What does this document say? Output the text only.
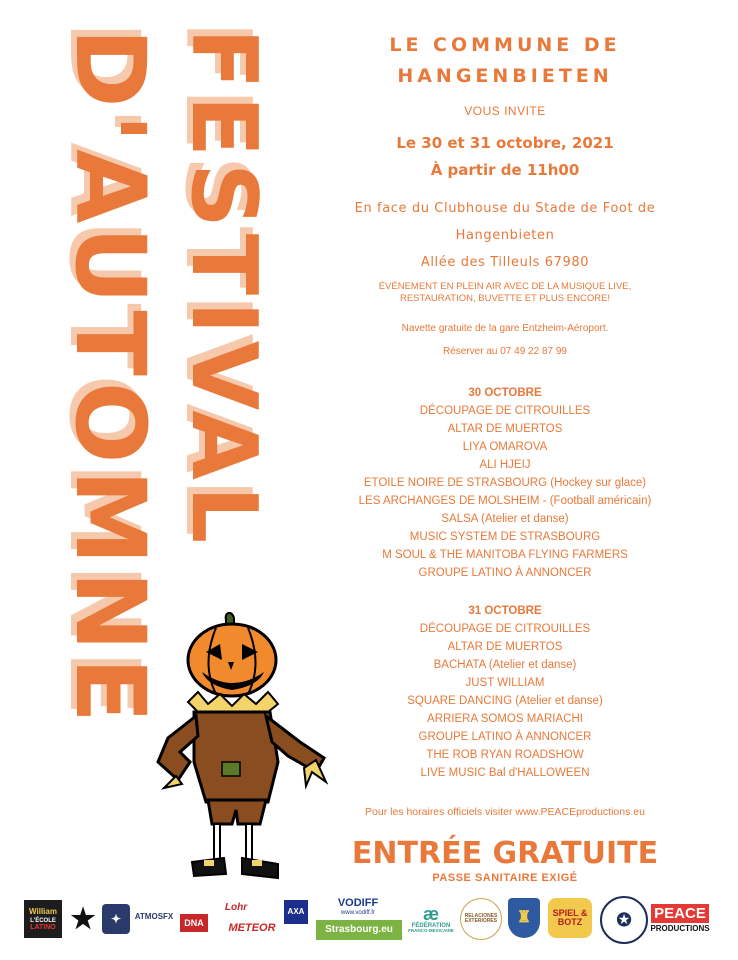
D'AUTOMNE FESTIVAL	LE COMMUNE DE
HANGENBIETEN
VOUS INVITE
Le 30 et 31 octobre, 2021
À partir de 11h00
En face du Clubhouse du Stade de Foot de
Hangenbieten
Allée des Tilleuls 67980
ÉVÉNEMENT EN PLEIN AIR AVEC DE LA MUSIQUE LIVE,
RESTAURATION, BUVETTE ET PLUS ENCORE!
Navette gratuite de la gare Entzheim-Aéroport.
Réserver au 07 49 22 87 99
30 OCTOBRE
DÉCOUPAGE DE CITROUILLES
ALTAR DE MUERTOS
LIYA OMAROVA
ALI HJEIJ
ETOILE NOIRE DE STRASBOURG (Hockey sur glace)
LES ARCHANGES DE MOLSHEIM - (Football américain)
SALSA (Atelier et danse)
MUSIC SYSTEM DE STRASBOURG
M SOUL & THE MANITOBA FLYING FARMERS
GROUPE LATINO À ANNONCER
31 OCTOBRE
DÉCOUPAGE DE CITROUILLES
ALTAR DE MUERTOS
BACHATA (Atelier et danse)
JUST WILLIAM
SQUARE DANCING (Atelier et danse)
ARRIERA SOMOS MARIACHI
GROUPE LATINO À ANNONCER
THE ROB RYAN ROADSHOW
LIVE MUSIC Bal d'HALLOWEEN
Pour les horaires officiels visiter www.PEACEproductions.eu
ENTRÉE GRATUITE
PASSE SANITAIRE EXIGÉ
William
L'ÉCOLE
LATINO ★	✦	ATMOSFX
DNA
Lohr
METEOR
AXA
VODIFF
www.vodiff.fr
Strasbourg.eu
æ
FÉDÉRATION
FRANCO-MEXICAINE
RELACIONES EXTERIORES	♜	SPIEL & BOTZ	✪	PEACE
PRODUCTIONS
